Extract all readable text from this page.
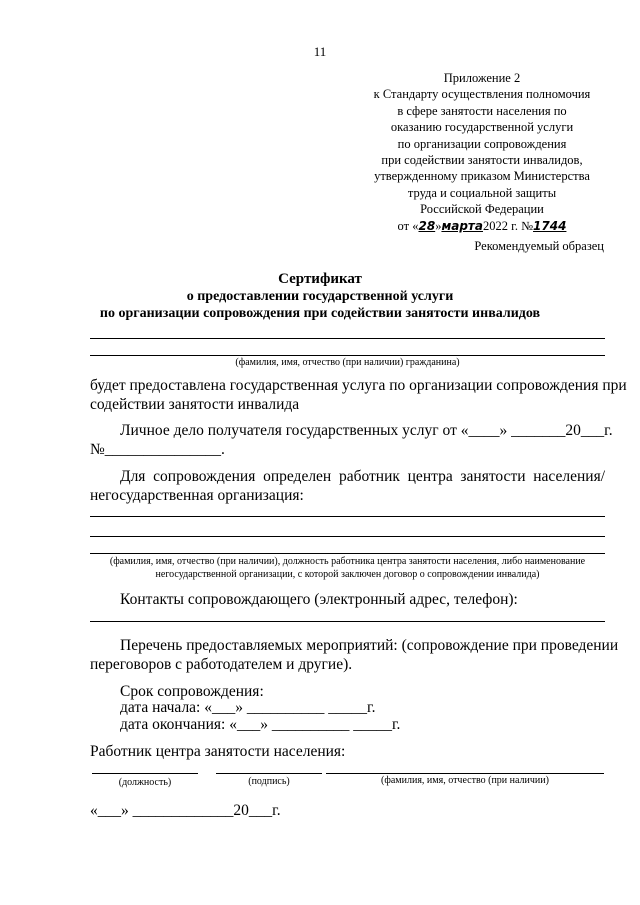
11
Приложение 2
к Стандарту осуществления полномочия
в сфере занятости населения по
оказанию государственной услуги
по организации сопровождения
при содействии занятости инвалидов,
утвержденному приказом Министерства
труда и социальной защиты
Российской Федерации
от «28»марта2022 г. №1744
Рекомендуемый образец
Сертификат
о предоставлении государственной услуги
по организации сопровождения при содействии занятости инвалидов
(фамилия, имя, отчество (при наличии) гражданина)
будет предоставлена государственная услуга по организации сопровождения при
содействии занятости инвалида
Личное дело получателя государственных услуг от «____» _______20___г.
№_______________.
Для сопровождения определен работник центра занятости населения/
негосударственная организация:
(фамилия, имя, отчество (при наличии), должность работника центра занятости населения, либо наименование
негосударственной организации, с которой заключен договор о сопровождении инвалида)
Контакты сопровождающего (электронный адрес, телефон):
Перечень предоставляемых мероприятий: (сопровождение при проведении
переговоров с работодателем и другие).
Срок сопровождения:
дата начала: «___» __________ _____г.
дата окончания: «___» __________ _____г.
Работник центра занятости населения:
(должность)	(подпись)	(фамилия, имя, отчество (при наличии)
«___» _____________20___г.
